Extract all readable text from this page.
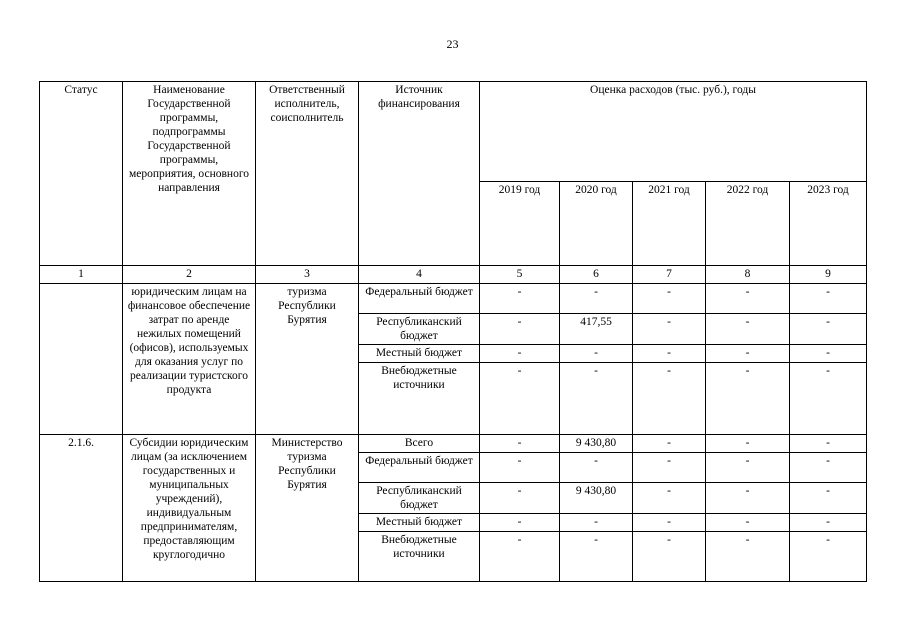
23
Статус	Наименование Государственной программы, подпрограммы Государственной программы, мероприятия, основного направления	Ответственный исполнитель, соисполнитель	Источник финансирования	Оценка расходов (тыс. руб.), годы				
				2019 год	2020 год	2021 год	2022 год	2023 год
1	2	3	4	5	6	7	8	9
	юридическим лицам на финансовое обеспечение затрат по аренде нежилых помещений (офисов), используемых для оказания услуг по реализации туристского продукта	туризма Республики Бурятия	Федеральный бюджет	-	-	-	-	-
			Республиканский бюджет	-	417,55	-	-	-
			Местный бюджет	-	-	-	-	-
			Внебюджетные источники	-	-	-	-	-
2.1.6.	Субсидии юридическим лицам (за исключением государственных и муниципальных учреждений), индивидуальным предпринимателям, предоставляющим круглогодично	Министерство туризма Республики Бурятия	Всего	-	9 430,80	-	-	-
			Федеральный бюджет	-	-	-	-	-
			Республиканский бюджет	-	9 430,80	-	-	-
			Местный бюджет	-	-	-	-	-
			Внебюджетные источники	-	-	-	-	-
